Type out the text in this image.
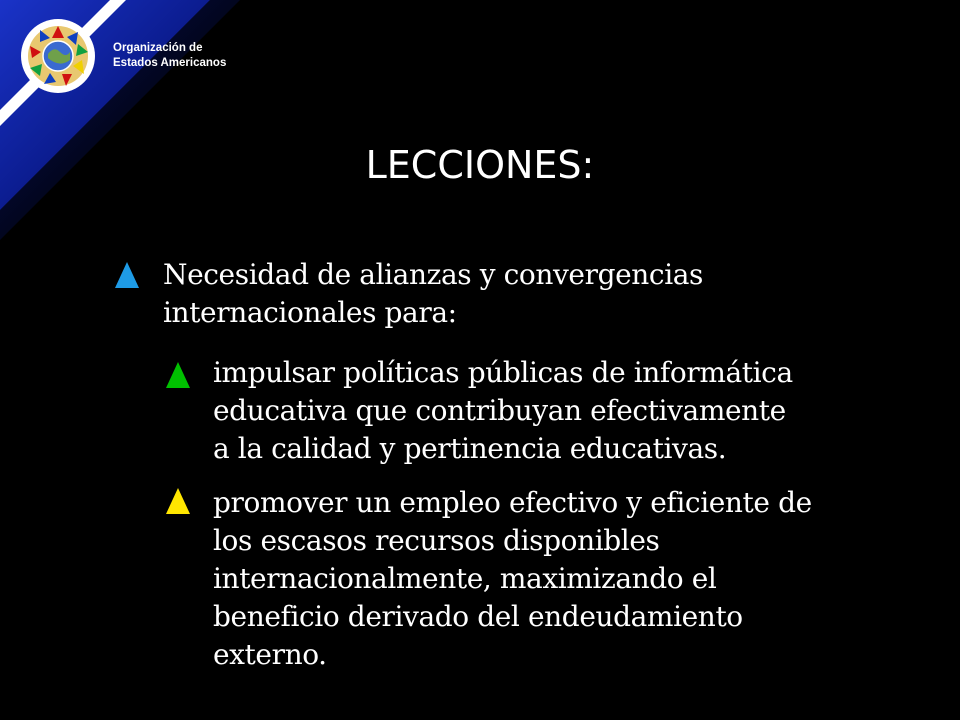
Organización de
Estados Americanos
LECCIONES:
Necesidad de alianzas y convergencias
internacionales para:
impulsar políticas públicas de informática
educativa que contribuyan efectivamente
a la calidad y pertinencia educativas.
promover un empleo efectivo y eficiente de
los escasos recursos disponibles
internacionalmente, maximizando el
beneficio derivado del endeudamiento
externo.
